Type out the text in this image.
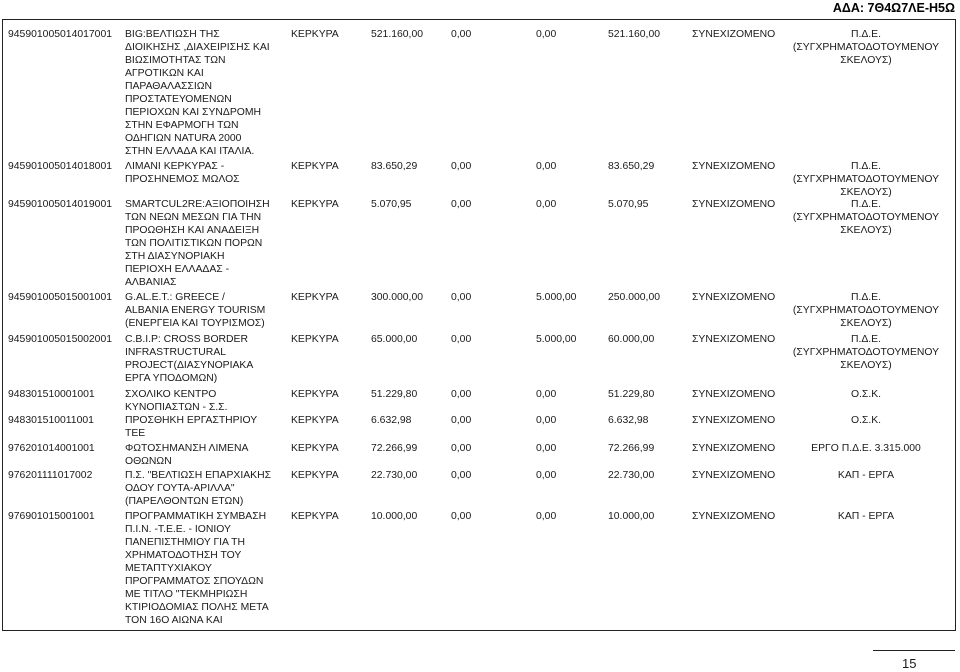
ΑΔΑ: 7Θ4Ω7ΛΕ-Η5Ω
945901005014017001 BIG:ΒΕΛΤΙΩΣΗ ΤΗΣ
ΔΙΟΙΚΗΣΗΣ ,ΔΙΑΧΕΙΡΙΣΗΣ ΚΑΙ
ΒΙΩΣΙΜΟΤΗΤΑΣ ΤΩΝ
ΑΓΡΟΤΙΚΩΝ ΚΑΙ
ΠΑΡΑΘΑΛΑΣΣΙΩΝ
ΠΡΟΣΤΑΤΕΥΟΜΕΝΩΝ
ΠΕΡΙΟΧΩΝ ΚΑΙ ΣΥΝΔΡΟΜΗ
ΣΤΗΝ ΕΦΑΡΜΟΓΗ ΤΩΝ
ΟΔΗΓΙΩΝ NATURA 2000
ΣΤΗΝ ΕΛΛΑΔΑ ΚΑΙ ΙΤΑΛΙΑ.
ΚΕΡΚΥΡΑ	521.160,00	0,00	0,00	521.160,00	ΣΥΝΕΧΙΖΟΜΕΝΟ	Π.Δ.Ε.
(ΣΥΓΧΡΗΜΑΤΟΔΟΤΟΥΜΕΝΟΥ
ΣΚΕΛΟΥΣ)
945901005014018001 ΛΙΜΑΝΙ ΚΕΡΚΥΡΑΣ -
ΠΡΟΣΗΝΕΜΟΣ ΜΩΛΟΣ
ΚΕΡΚΥΡΑ	83.650,29	0,00	0,00	83.650,29	ΣΥΝΕΧΙΖΟΜΕΝΟ	Π.Δ.Ε.
(ΣΥΓΧΡΗΜΑΤΟΔΟΤΟΥΜΕΝΟΥ
ΣΚΕΛΟΥΣ)
945901005014019001 SMARTCUL2RE:ΑΞΙΟΠΟΙΗΣΗ
ΤΩΝ ΝΕΩΝ ΜΕΣΩΝ ΓΙΑ ΤΗΝ
ΠΡΟΩΘΗΣΗ ΚΑΙ ΑΝΑΔΕΙΞΗ
ΤΩΝ ΠΟΛΙΤΙΣΤΙΚΩΝ ΠΟΡΩΝ
ΣΤΗ ΔΙΑΣΥΝΟΡΙΑΚΗ
ΠΕΡΙΟΧΗ ΕΛΛΑΔΑΣ -
ΑΛΒΑΝΙΑΣ
ΚΕΡΚΥΡΑ	5.070,95	0,00	0,00	5.070,95	ΣΥΝΕΧΙΖΟΜΕΝΟ	Π.Δ.Ε.
(ΣΥΓΧΡΗΜΑΤΟΔΟΤΟΥΜΕΝΟΥ
ΣΚΕΛΟΥΣ)
945901005015001001 G.AL.E.T.: GREECE /
ALBANIA ENERGY TOURISM
(ΕΝΕΡΓΕΙΑ ΚΑΙ ΤΟΥΡΙΣΜΟΣ)
ΚΕΡΚΥΡΑ	300.000,00	0,00	5.000,00	250.000,00	ΣΥΝΕΧΙΖΟΜΕΝΟ	Π.Δ.Ε.
(ΣΥΓΧΡΗΜΑΤΟΔΟΤΟΥΜΕΝΟΥ
ΣΚΕΛΟΥΣ)
945901005015002001 C.B.I.P: CROSS BORDER
INFRASTRUCTURAL
PROJECT(ΔΙΑΣΥΝΟΡΙΑΚΑ
ΕΡΓΑ ΥΠΟΔΟΜΩΝ)
ΚΕΡΚΥΡΑ	65.000,00	0,00	5.000,00	60.000,00	ΣΥΝΕΧΙΖΟΜΕΝΟ	Π.Δ.Ε.
(ΣΥΓΧΡΗΜΑΤΟΔΟΤΟΥΜΕΝΟΥ
ΣΚΕΛΟΥΣ)
948301510001001	ΣΧΟΛΙΚΟ ΚΕΝΤΡΟ
ΚΥΝΟΠΙΑΣΤΩΝ - Σ.Σ.
ΚΕΡΚΥΡΑ	51.229,80	0,00	0,00	51.229,80	ΣΥΝΕΧΙΖΟΜΕΝΟ	Ο.Σ.Κ.
948301510011001	ΠΡΟΣΘΗΚΗ ΕΡΓΑΣΤΗΡΙΟΥ
ΤΕΕ
ΚΕΡΚΥΡΑ	6.632,98	0,00	0,00	6.632,98	ΣΥΝΕΧΙΖΟΜΕΝΟ	Ο.Σ.Κ.
976201014001001	ΦΩΤΟΣΗΜΑΝΣΗ ΛΙΜΕΝΑ
ΟΘΩΝΩΝ
ΚΕΡΚΥΡΑ	72.266,99	0,00	0,00	72.266,99	ΣΥΝΕΧΙΖΟΜΕΝΟ	ΕΡΓΟ Π.Δ.Ε. 3.315.000
976201111017002	Π.Σ. "ΒΕΛΤΙΩΣΗ ΕΠΑΡΧΙΑΚΗΣ
ΟΔΟΥ ΓΟΥΤΑ-ΑΡΙΛΛΑ"
(ΠΑΡΕΛΘΟΝΤΩΝ ΕΤΩΝ)
ΚΕΡΚΥΡΑ	22.730,00	0,00	0,00	22.730,00	ΣΥΝΕΧΙΖΟΜΕΝΟ	ΚΑΠ - ΕΡΓΑ
976901015001001	ΠΡΟΓΡΑΜΜΑΤΙΚΗ ΣΥΜΒΑΣΗ
Π.Ι.Ν. -Τ.Ε.Ε. - ΙΟΝΙΟΥ
ΠΑΝΕΠΙΣΤΗΜΙΟΥ ΓΙΑ ΤΗ
ΧΡΗΜΑΤΟΔΟΤΗΣΗ ΤΟΥ
ΜΕΤΑΠΤΥΧΙΑΚΟΥ
ΠΡΟΓΡΑΜΜΑΤΟΣ ΣΠΟΥΔΩΝ
ΜΕ ΤΙΤΛΟ "ΤΕΚΜΗΡΙΩΣΗ
ΚΤΙΡΙΟΔΟΜΙΑΣ ΠΟΛΗΣ ΜΕΤΑ
ΤΟΝ 16Ο ΑΙΩΝΑ ΚΑΙ
ΚΕΡΚΥΡΑ	10.000,00	0,00	0,00	10.000,00	ΣΥΝΕΧΙΖΟΜΕΝΟ	ΚΑΠ - ΕΡΓΑ
15
